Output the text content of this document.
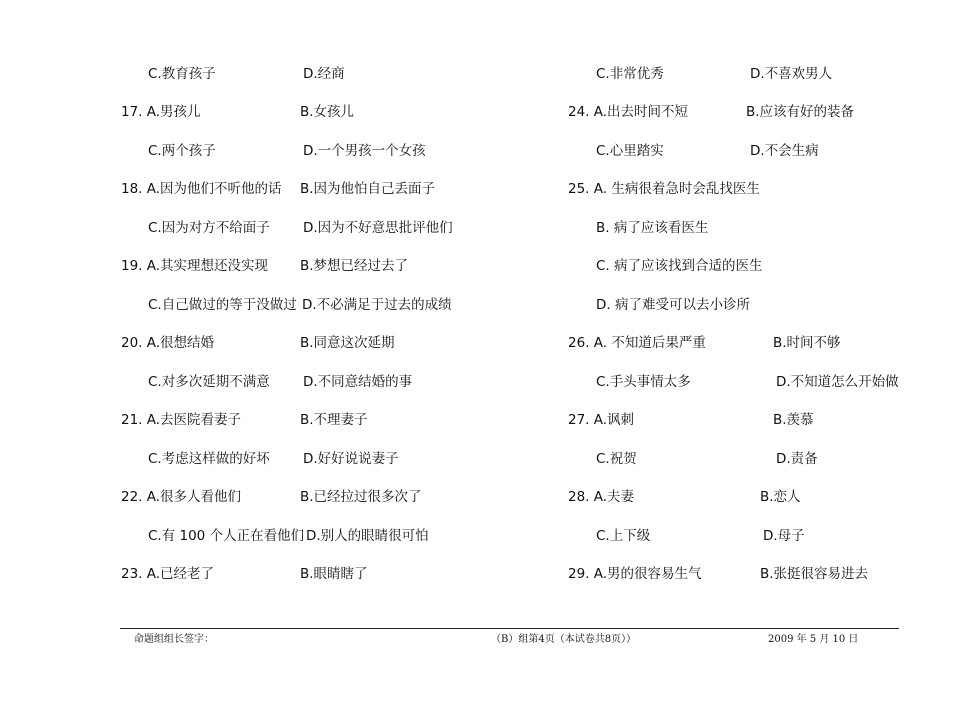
C.教育孩子	D.经商
17. A.男孩儿	B.女孩儿
C.两个孩子	D.一个男孩一个女孩
18. A.因为他们不听他的话 B.因为他怕自己丢面子
C.因为对方不给面子 D.因为不好意思批评他们
19. A.其实理想还没实现 B.梦想已经过去了
C.自己做过的等于没做过 D.不必满足于过去的成绩
20. A.很想结婚	B.同意这次延期
C.对多次延期不满意 D.不同意结婚的事
21. A.去医院看妻子	B.不理妻子
C.考虑这样做的好坏 D.好好说说妻子
22. A.很多人看他们	B.已经拉过很多次了
C.有 100 个人正在看他们 D.别人的眼睛很可怕
23. A.已经老了	B.眼睛瞎了
C.非常优秀	D.不喜欢男人
24. A.出去时间不短	B.应该有好的装备
C.心里踏实	D.不会生病
25. A. 生病很着急时会乱找医生
B. 病了应该看医生
C. 病了应该找到合适的医生
D. 病了难受可以去小诊所
26. A. 不知道后果严重	B.时间不够
C.手头事情太多	D.不知道怎么开始做
27. A.讽刺	B.羡慕
C.祝贺	D.责备
28. A.夫妻	B.恋人
C.上下级	D.母子
29. A.男的很容易生气	B.张挺很容易进去
命题组组长签字：	（B）组第4页（本试卷共8页））	2009 年 5 月 10 日
